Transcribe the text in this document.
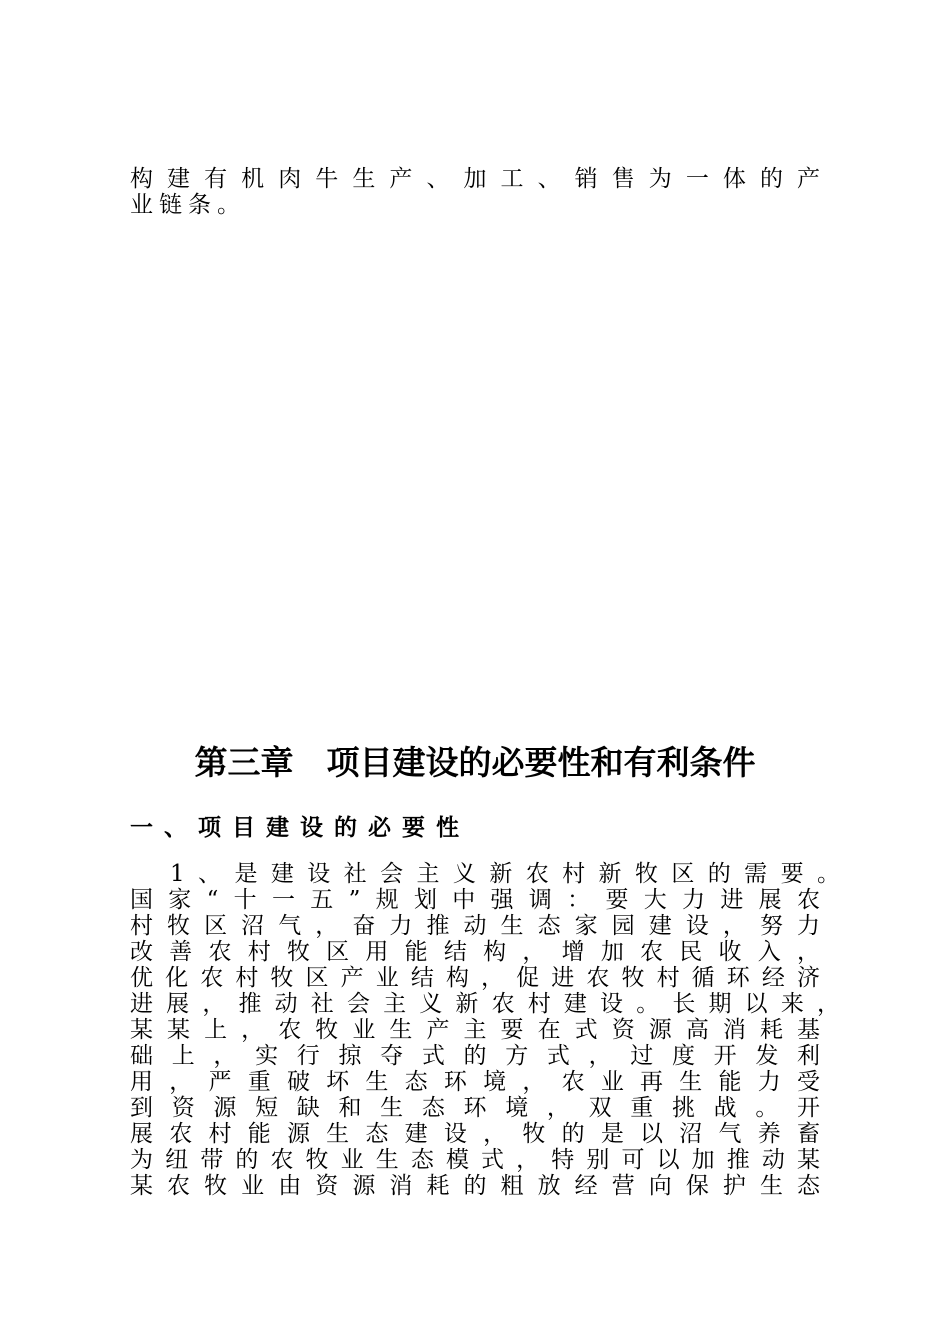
构​建​有​机​肉​牛​生​产​、​加​工​、​销​售​为​一​体​的​产
业链条。
第三章　项目建设的必要性和有利条件
一、项目建设的必要性
1​、​是​建​设​社​会​主​义​新​农​村​新​牧​区​的​需​要​。
国​家​“​十​一​五​”​规​划​中​强​调​：​要​大​力​进​展​农
村​牧​区​沼​气​，​奋​力​推​动​生​态​家​园​建​设​，​努​力
改​善​农​村​牧​区​用​能​结​构​，​增​加​农​民​收​入​，
优​化​农​村​牧​区​产​业​结​构​，​促​进​农​牧​村​循​环​经​济
进​展​，​推​动​社​会​主​义​新​农​村​建​设​。​长​期​以​来​，
某​某​上​，​农​牧​业​生​产​主​要​在​式​资​源​高​消​耗​基
础​上​，​实​行​掠​夺​式​的​方​式​，​过​度​开​发​利
用​，​严​重​破​坏​生​态​环​境​，​农​业​再​生​能​力​受
到​资​源​短​缺​和​生​态​环​境​，​双​重​挑​战​。​开
展​农​村​能​源​生​态​建​设​，​牧​的​是​以​沼​气​养​畜
为​纽​带​的​农​牧​业​生​态​模​式​，​特​别​可​以​加​推​动​某
某​农​牧​业​由​资​源​消​耗​的​粗​放​经​营​向​保​护​生​态
